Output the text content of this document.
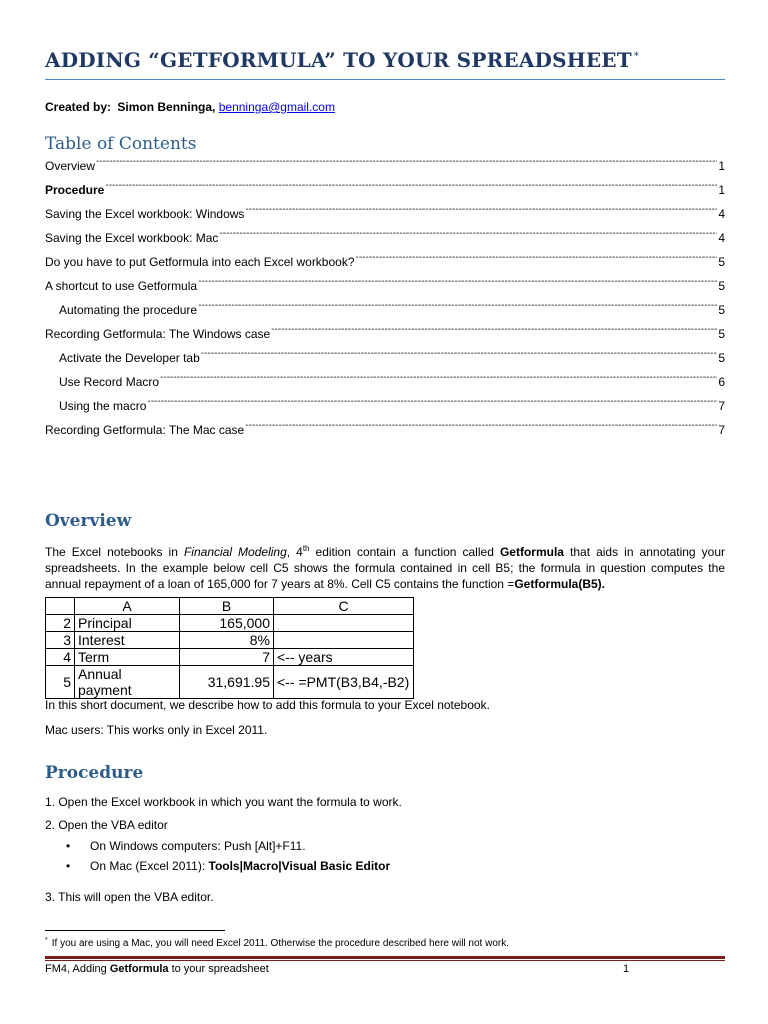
ADDING “GETFORMULA” TO YOUR SPREADSHEET *
Created by: Simon Benninga, benninga@gmail.com
Table of Contents
Overview -----	1
Procedure -----	1
Saving the Excel workbook: Windows -----	4
Saving the Excel workbook: Mac -----	4
Do you have to put Getformula into each Excel workbook? -----	5
A shortcut to use Getformula -----	5
Automating the procedure -----	5
Recording Getformula: The Windows case -----	5
Activate the Developer tab -----	5
Use Record Macro -----	6
Using the macro -----	7
Recording Getformula: The Mac case -----	7
Overview
The Excel notebooks in Financial Modeling, 4th edition contain a function called Getformula that aids in annotating your spreadsheets. In the example below cell C5 shows the formula contained in cell B5; the formula in question computes the annual repayment of a loan of 165,000 for 7 years at 8%. Cell C5 contains the function =Getformula(B5).
	A	B	C
2	Principal	165,000	
3	Interest	8%	
4	Term	7	<-- years
5	Annual payment	31,691.95	<-- =PMT(B3,B4,-B2)
In this short document, we describe how to add this formula to your Excel notebook.
Mac users: This works only in Excel 2011.
Procedure
1. Open the Excel workbook in which you want the formula to work.
2. Open the VBA editor
• On Windows computers: Push [Alt]+F11.
• On Mac (Excel 2011): Tools|Macro|Visual Basic Editor
3. This will open the VBA editor.
* If you are using a Mac, you will need Excel 2011. Otherwise the procedure described here will not work.
FM4, Adding Getformula to your spreadsheet	1
